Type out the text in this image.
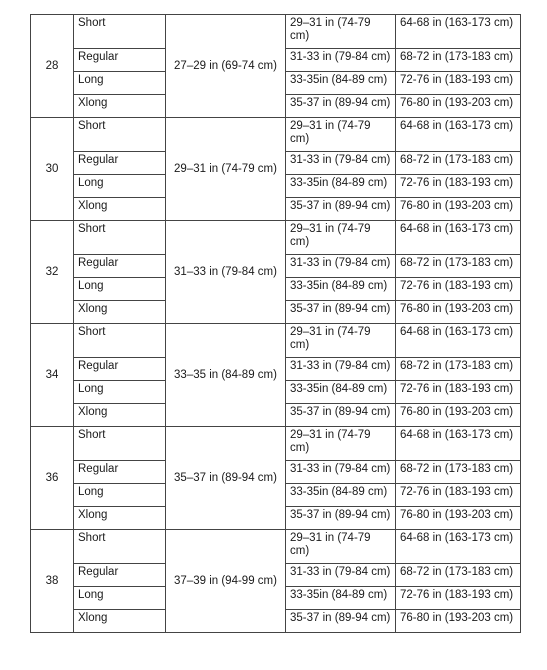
28	Short	27–29 in (69-74 cm)	29–31 in (74-79 cm)	64-68 in (163-173 cm)
	Regular		31-33 in (79-84 cm)	68-72 in (173-183 cm)
	Long		33-35in (84-89 cm)	72-76 in (183-193 cm)
	Xlong		35-37 in (89-94 cm)	76-80 in (193-203 cm)
30	Short	29–31 in (74-79 cm)	29–31 in (74-79 cm)	64-68 in (163-173 cm)
	Regular		31-33 in (79-84 cm)	68-72 in (173-183 cm)
	Long		33-35in (84-89 cm)	72-76 in (183-193 cm)
	Xlong		35-37 in (89-94 cm)	76-80 in (193-203 cm)
32	Short	31–33 in (79-84 cm)	29–31 in (74-79 cm)	64-68 in (163-173 cm)
	Regular		31-33 in (79-84 cm)	68-72 in (173-183 cm)
	Long		33-35in (84-89 cm)	72-76 in (183-193 cm)
	Xlong		35-37 in (89-94 cm)	76-80 in (193-203 cm)
34	Short	33–35 in (84-89 cm)	29–31 in (74-79 cm)	64-68 in (163-173 cm)
	Regular		31-33 in (79-84 cm)	68-72 in (173-183 cm)
	Long		33-35in (84-89 cm)	72-76 in (183-193 cm)
	Xlong		35-37 in (89-94 cm)	76-80 in (193-203 cm)
36	Short	35–37 in (89-94 cm)	29–31 in (74-79 cm)	64-68 in (163-173 cm)
	Regular		31-33 in (79-84 cm)	68-72 in (173-183 cm)
	Long		33-35in (84-89 cm)	72-76 in (183-193 cm)
	Xlong		35-37 in (89-94 cm)	76-80 in (193-203 cm)
38	Short	37–39 in (94-99 cm)	29–31 in (74-79 cm)	64-68 in (163-173 cm)
	Regular		31-33 in (79-84 cm)	68-72 in (173-183 cm)
	Long		33-35in (84-89 cm)	72-76 in (183-193 cm)
	Xlong		35-37 in (89-94 cm)	76-80 in (193-203 cm)
